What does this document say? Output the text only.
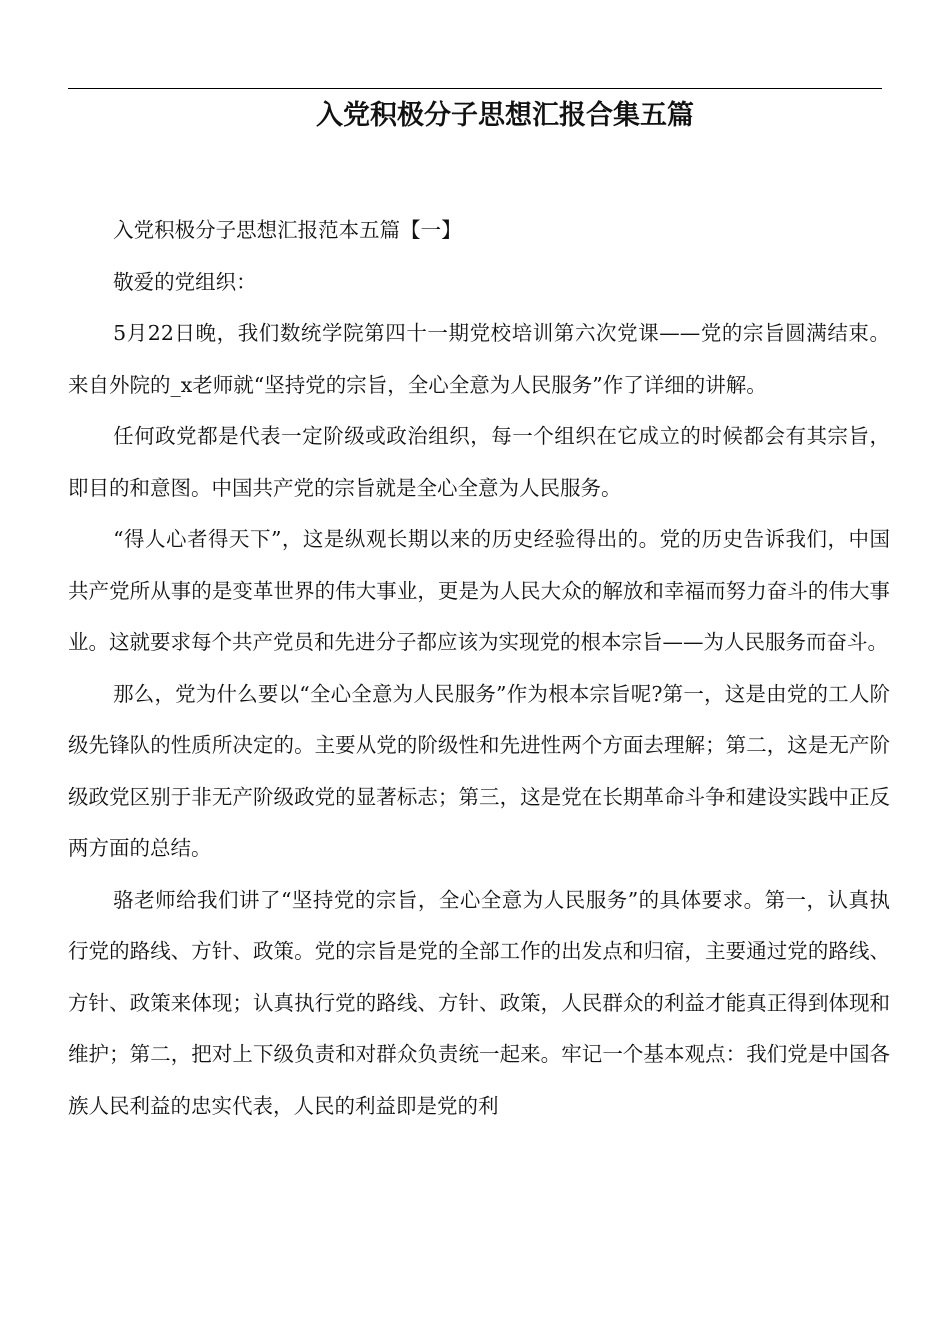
入党积极分子思想汇报合集五篇

入党积极分子思想汇报范本五篇【一】

敬爱的党组织：

5月22日晚，我们数统学院第四十一期党校培训第六次党课——党的宗旨圆满结束。来自外院的_x老师就“坚持党的宗旨，全心全意为人民服务”作了详细的讲解。

任何政党都是代表一定阶级或政治组织，每一个组织在它成立的时候都会有其宗旨，即目的和意图。中国共产党的宗旨就是全心全意为人民服务。

“得人心者得天下”，这是纵观长期以来的历史经验得出的。党的历史告诉我们，中国共产党所从事的是变革世界的伟大事业，更是为人民大众的解放和幸福而努力奋斗的伟大事业。这就要求每个共产党员和先进分子都应该为实现党的根本宗旨——为人民服务而奋斗。

那么，党为什么要以“全心全意为人民服务”作为根本宗旨呢?第一，这是由党的工人阶级先锋队的性质所决定的。主要从党的阶级性和先进性两个方面去理解；第二，这是无产阶级政党区别于非无产阶级政党的显著标志；第三，这是党在长期革命斗争和建设实践中正反两方面的总结。

骆老师给我们讲了“坚持党的宗旨，全心全意为人民服务”的具体要求。第一，认真执行党的路线、方针、政策。党的宗旨是党的全部工作的出发点和归宿，主要通过党的路线、方针、政策来体现；认真执行党的路线、方针、政策，人民群众的利益才能真正得到体现和维护；第二，把对上下级负责和对群众负责统一起来。牢记一个基本观点：我们党是中国各族人民利益的忠实代表，人民的利益即是党的利
